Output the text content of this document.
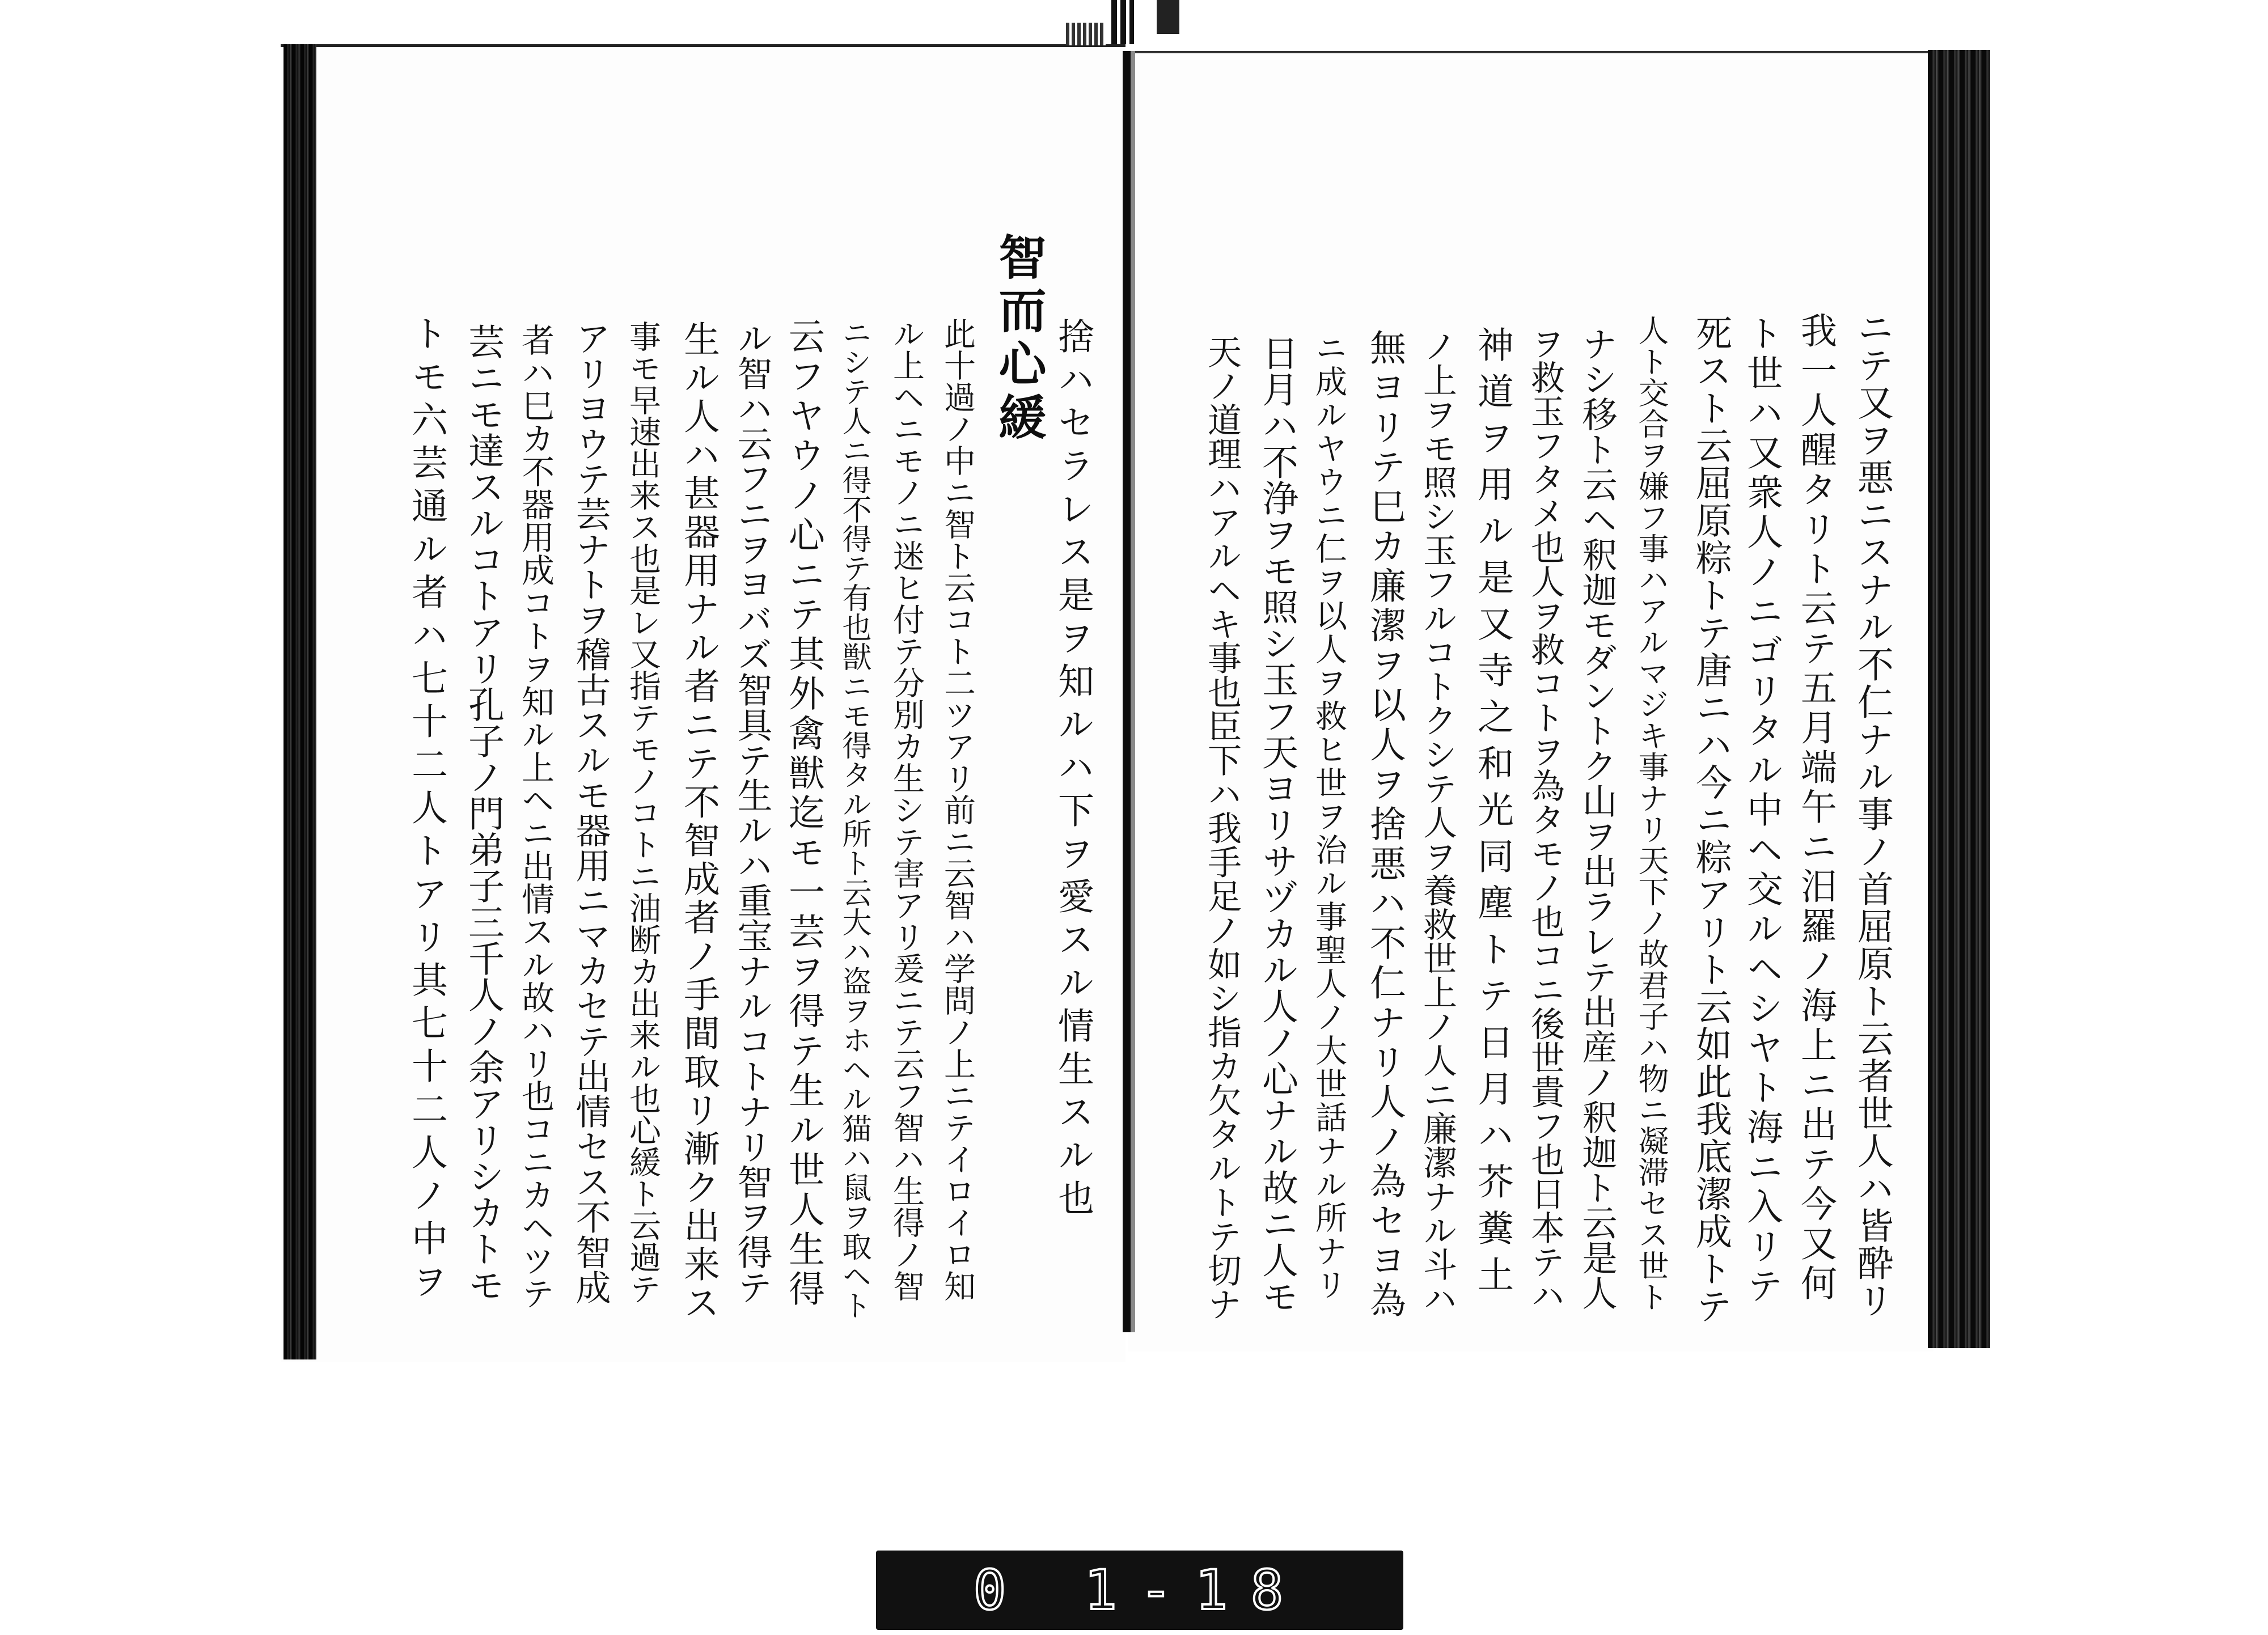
ニテ又ヲ悪ニスナル不仁ナル事ノ首屈原ト云者世人ハ皆酔リ
我一人醒タリト云テ五月端午ニ汨羅ノ海上ニ出テ今又何
ト世ハ又衆人ノニゴリタル中ヘ交ルヘシヤト海ニ入リテ
死スト云屈原粽トテ唐ニハ今ニ粽アリト云如此我底潔成トテ
人ト交合ヲ嫌フ事ハアルマジキ事ナリ天下ノ故君子ハ物ニ凝滞セス世ト
ナシ移ト云ヘ釈迦モダントク山ヲ出ラレテ出産ノ釈迦ト云是人
ヲ救玉フタメ也人ヲ救コトヲ為タモノ也コニ後世貴フ也日本テハ
神道ヲ用ル是又寺之和光同塵トテ日月ハ芥糞土
ノ上ヲモ照シ玉フルコトクシテ人ヲ養救世上ノ人ニ廉潔ナル斗ハ
無ヨリテ巳カ廉潔ヲ以人ヲ捨悪ハ不仁ナリ人ノ為セヨ為
ニ成ルヤウニ仁ヲ以人ヲ救ヒ世ヲ治ル事聖人ノ大世話ナル所ナリ
日月ハ不浄ヲモ照シ玉フ天ヨリサヅカル人ノ心ナル故ニ人モ
天ノ道理ハアルヘキ事也臣下ハ我手足ノ如シ指カ欠タルトテ切ナ
捨ハセラレス是ヲ知ルハ下ヲ愛スル情生スル也
智而心緩
此十過ノ中ニ智ト云コト二ツアリ前ニ云智ハ学問ノ上ニテイロイロ知
ル上ヘニモノニ迷ヒ付テ分別カ生シテ害アリ爰ニテ云フ智ハ生得ノ智
ニシテ人ニ得不得テ有也獣ニモ得タル所ト云大ハ盗ヲホヘル猫ハ鼠ヲ取ヘト
云フヤウノ心ニテ其外禽獣迄モ一芸ヲ得テ生ル世人生得
ル智ハ云フニヲヨバズ智具テ生ルハ重宝ナルコトナリ智ヲ得テ
生ル人ハ甚器用ナル者ニテ不智成者ノ手間取リ漸ク出来ス
事モ早速出来ス也是レ又指テモノコトニ油断カ出来ル也心緩ト云過テ
アリヨウテ芸ナトヲ稽古スルモ器用ニマカセテ出情セス不智成
者ハ巳カ不器用成コトヲ知ル上ヘニ出情スル故ハリ也コニカヘツテ
芸ニモ達スルコトアリ孔子ノ門弟子三千人ノ余アリシカトモ
トモ六芸通ル者ハ七十二人トアリ其七十二人ノ中ヲ
0 1-18
